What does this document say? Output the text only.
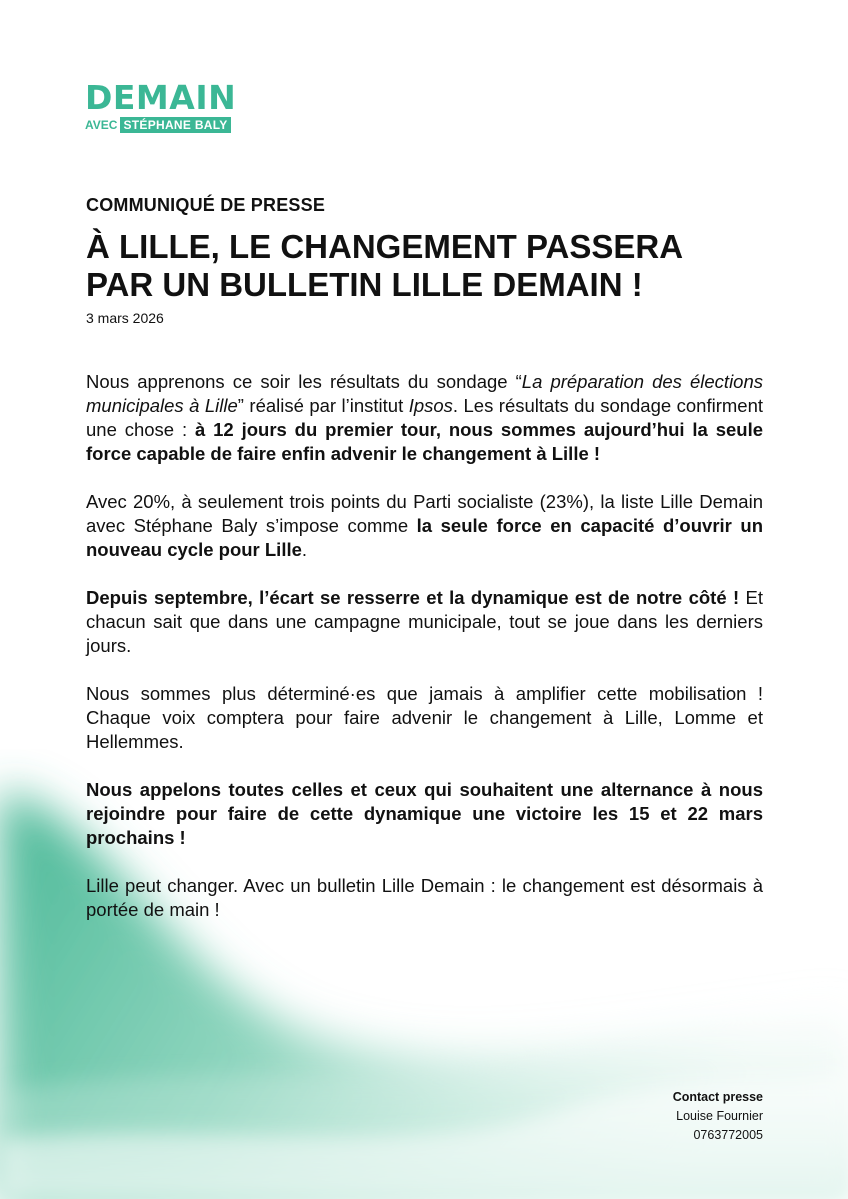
DEMAIN
AVEC STÉPHANE BALY
COMMUNIQUÉ DE PRESSE
À LILLE, LE CHANGEMENT PASSERA
PAR UN BULLETIN LILLE DEMAIN !
3 mars 2026

Nous apprenons ce soir les résultats du sondage “La préparation des élections municipales à Lille” réalisé par l’institut Ipsos. Les résultats du sondage confirment une chose : à 12 jours du premier tour, nous sommes aujourd’hui la seule force capable de faire enfin advenir le changement à Lille !

Avec 20%, à seulement trois points du Parti socialiste (23%), la liste Lille Demain avec Stéphane Baly s’impose comme la seule force en capacité d’ouvrir un nouveau cycle pour Lille.

Depuis septembre, l’écart se resserre et la dynamique est de notre côté ! Et chacun sait que dans une campagne municipale, tout se joue dans les derniers jours.

Nous sommes plus déterminé·es que jamais à amplifier cette mobilisation ! Chaque voix comptera pour faire advenir le changement à Lille, Lomme et Hellemmes.

Nous appelons toutes celles et ceux qui souhaitent une alternance à nous rejoindre pour faire de cette dynamique une victoire les 15 et 22 mars prochains !

Lille peut changer. Avec un bulletin Lille Demain : le changement est désormais à portée de main !

Contact presse
Louise Fournier
0763772005
